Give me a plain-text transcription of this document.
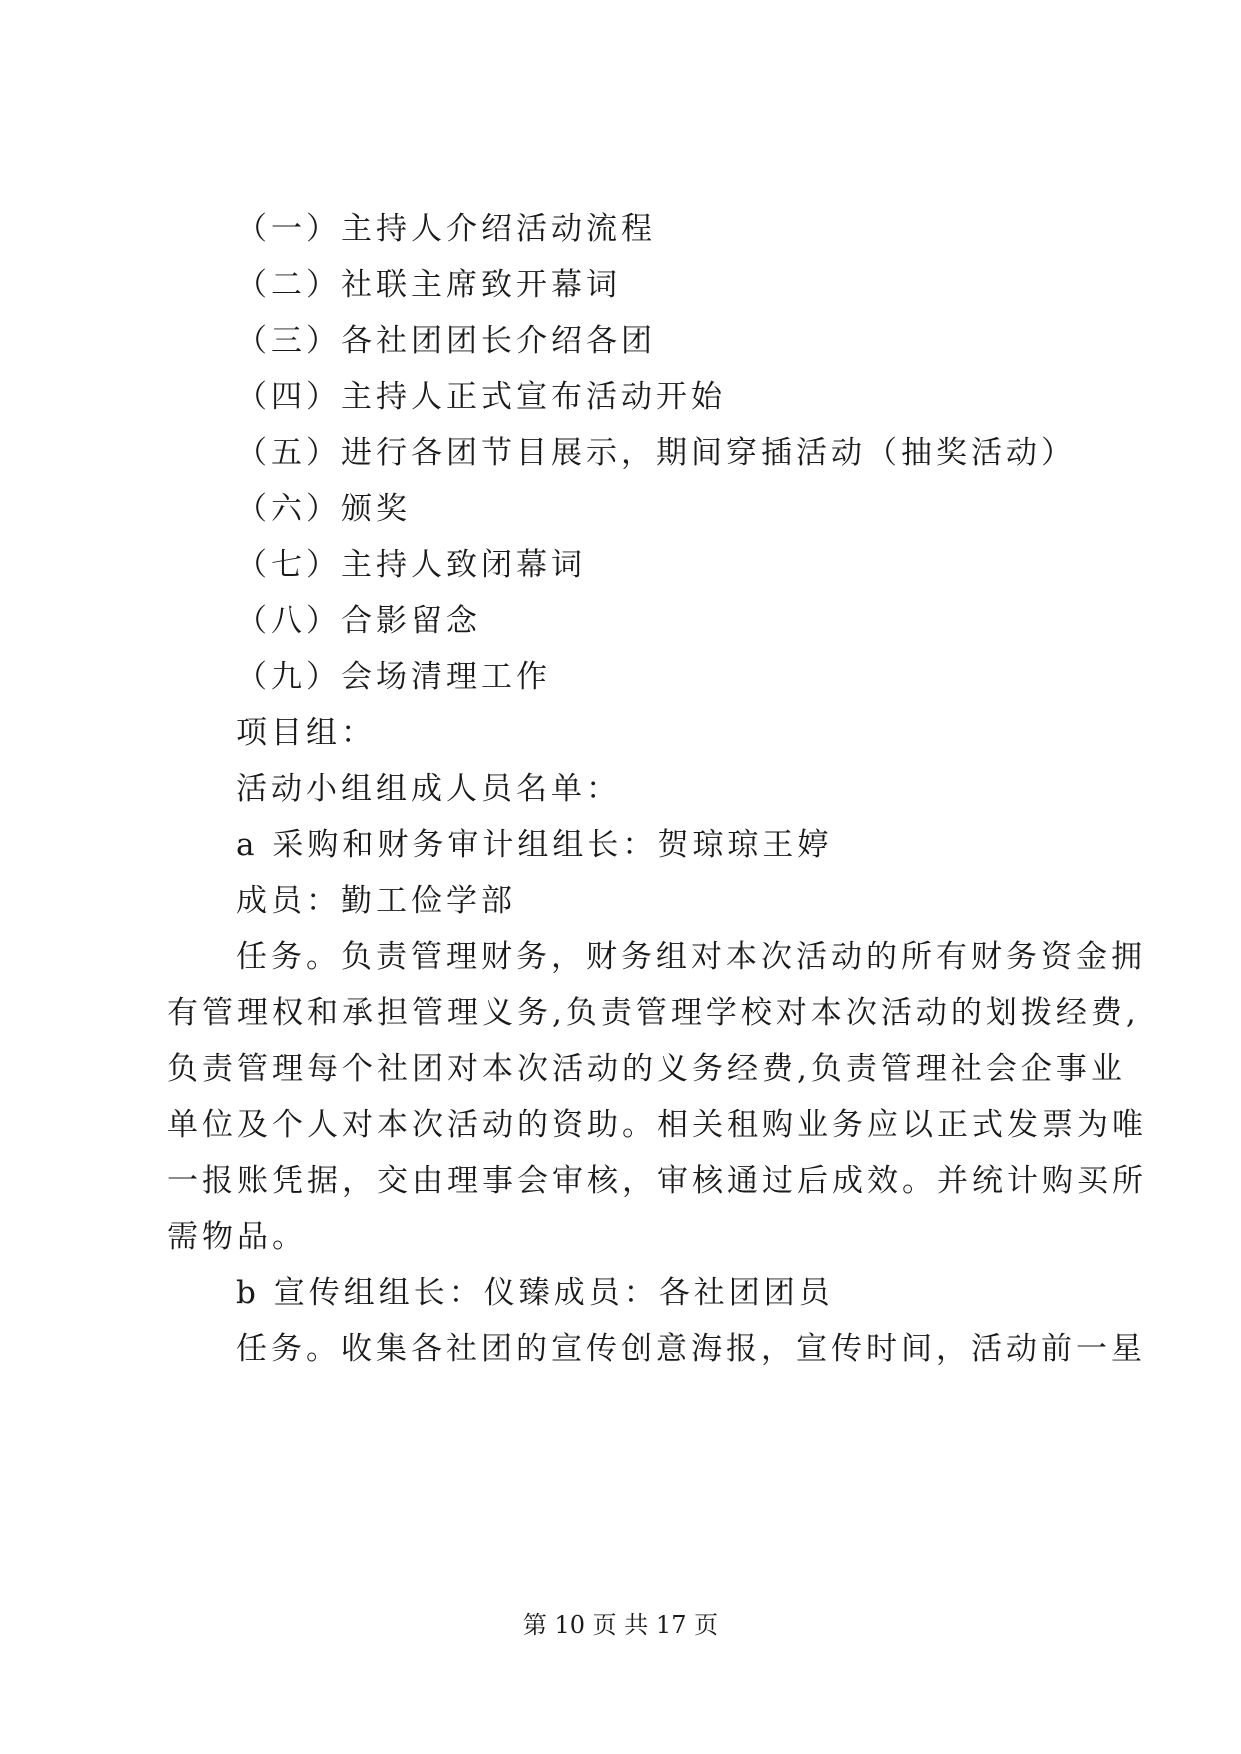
（一）主持人介绍活动流程
（二）社联主席致开幕词
（三）各社团团长介绍各团
（四）主持人正式宣布活动开始
（五）进行各团节目展示，期间穿插活动（抽奖活动）
（六）颁奖
（七）主持人致闭幕词
（八）合影留念
（九）会场清理工作
项目组：
活动小组组成人员名单：
a 采购和财务审计组组长：贺琼琼王婷
成员：勤工俭学部
任务。负责管理财务，财务组对本次活动的所有财务资金拥
有管理权和承担管理义务,负责管理学校对本次活动的划拨经费,
负责管理每个社团对本次活动的义务经费,负责管理社会企事业
单位及个人对本次活动的资助。相关租购业务应以正式发票为唯
一报账凭据，交由理事会审核，审核通过后成效。并统计购买所
需物品。
b 宣传组组长：仪臻成员：各社团团员
任务。收集各社团的宣传创意海报，宣传时间，活动前一星
第 10 页 共 17 页
